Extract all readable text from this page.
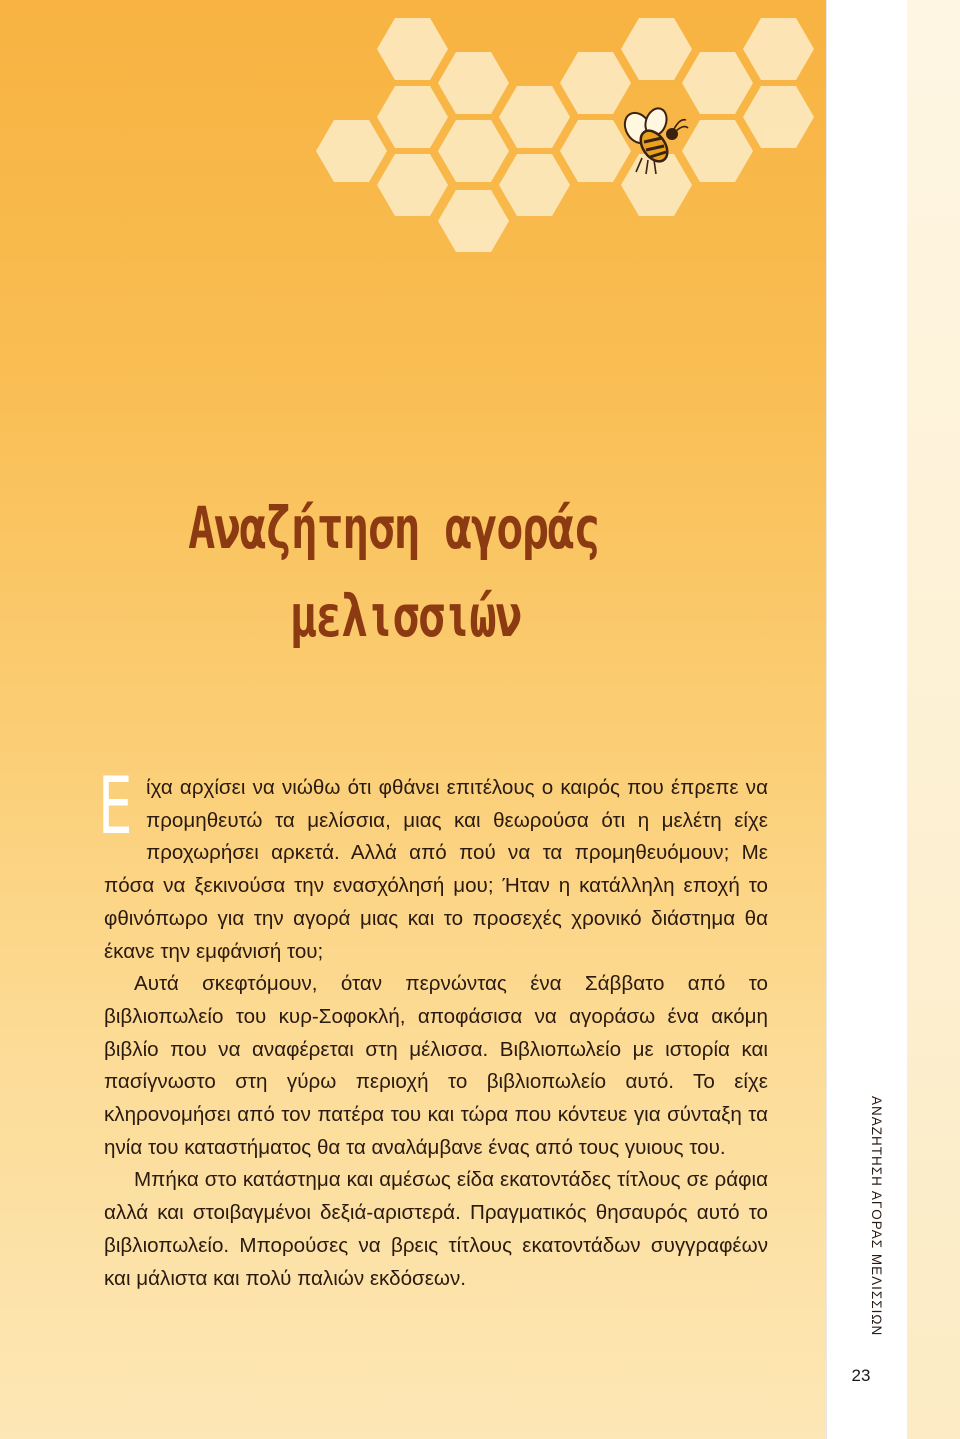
Αναζήτηση αγοράς
μελισσιών

Είχα αρχίσει να νιώθω ότι φθάνει επιτέλους ο καιρός που έπρεπε να προμηθευτώ τα μελίσσια, μιας και θεωρούσα ότι η μελέτη είχε προχωρήσει αρκετά. Αλλά από πού να τα προμηθευόμουν; Με πόσα να ξεκινούσα την ενασχόλησή μου; Ήταν η κατάλληλη εποχή το φθινόπωρο για την αγορά μιας και το προσεχές χρονικό διάστημα θα έκανε την εμφάνισή του;

Αυτά σκεφτόμουν, όταν περνώντας ένα Σάββατο από το βιβλιοπωλείο του κυρ-Σοφοκλή, αποφάσισα να αγοράσω ένα ακόμη βιβλίο που να αναφέρεται στη μέλισσα. Βιβλιοπωλείο με ιστορία και πασίγνωστο στη γύρω περιοχή το βιβλιοπωλείο αυτό. Το είχε κληρονομήσει από τον πατέρα του και τώρα που κόντευε για σύνταξη τα ηνία του καταστήματος θα τα αναλάμβανε ένας από τους γυιους του.

Μπήκα στο κατάστημα και αμέσως είδα εκατοντάδες τίτλους σε ράφια αλλά και στοιβαγμένοι δεξιά-αριστερά. Πραγματικός θησαυρός αυτό το βιβλιοπωλείο. Μπορούσες να βρεις τίτλους εκατοντάδων συγγραφέων και μάλιστα και πολύ παλιών εκδόσεων.	ΑΝΑΖΗΤΗΣΗ ΑΓΟΡΑΣ ΜΕΛΙΣΣΙΩΝ
23
